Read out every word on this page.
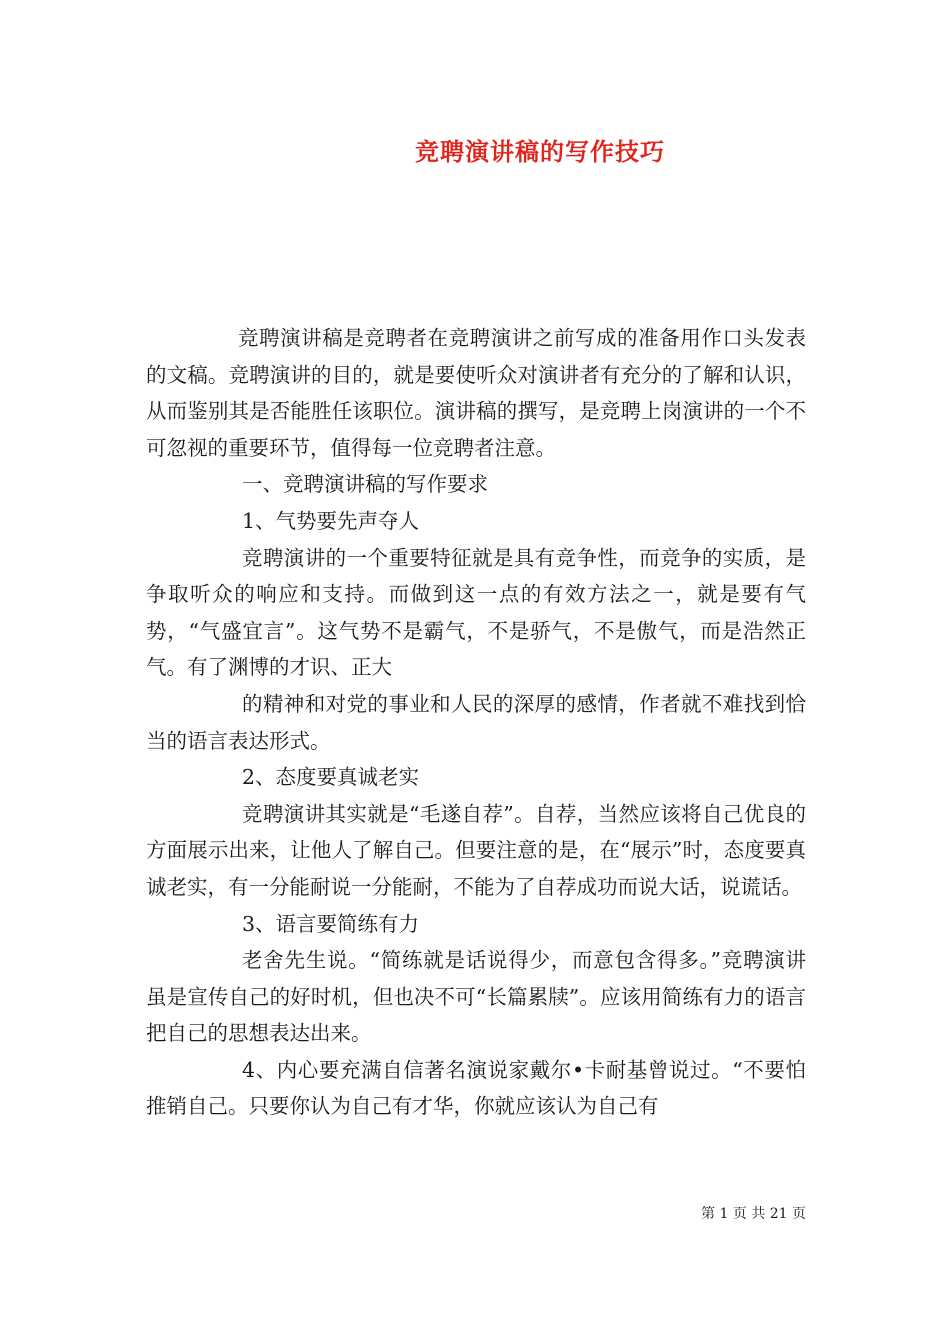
竞聘演讲稿的写作技巧

竞聘演讲稿是竞聘者在竞聘演讲之前写成的准备用作口头发表的文稿。竞聘演讲的目的，就是要使听众对演讲者有充分的了解和认识，从而鉴别其是否能胜任该职位。演讲稿的撰写，是竞聘上岗演讲的一个不可忽视的重要环节，值得每一位竞聘者注意。

一、竞聘演讲稿的写作要求

1、气势要先声夺人

竞聘演讲的一个重要特征就是具有竞争性，而竞争的实质，是争取听众的响应和支持。而做到这一点的有效方法之一，就是要有气势，“气盛宜言”。这气势不是霸气，不是骄气，不是傲气，而是浩然正气。有了渊博的才识、正大

的精神和对党的事业和人民的深厚的感情，作者就不难找到恰当的语言表达形式。

2、态度要真诚老实

竞聘演讲其实就是“毛遂自荐”。自荐，当然应该将自己优良的方面展示出来，让他人了解自己。但要注意的是，在“展示”时，态度要真诚老实，有一分能耐说一分能耐，不能为了自荐成功而说大话，说谎话。

3、语言要简练有力

老舍先生说。“简练就是话说得少，而意包含得多。”竞聘演讲虽是宣传自己的好时机，但也决不可“长篇累牍”。应该用简练有力的语言把自己的思想表达出来。

4、内心要充满自信著名演说家戴尔•卡耐基曾说过。“不要怕推销自己。只要你认为自己有才华，你就应该认为自己有

第 1 页 共 21 页
